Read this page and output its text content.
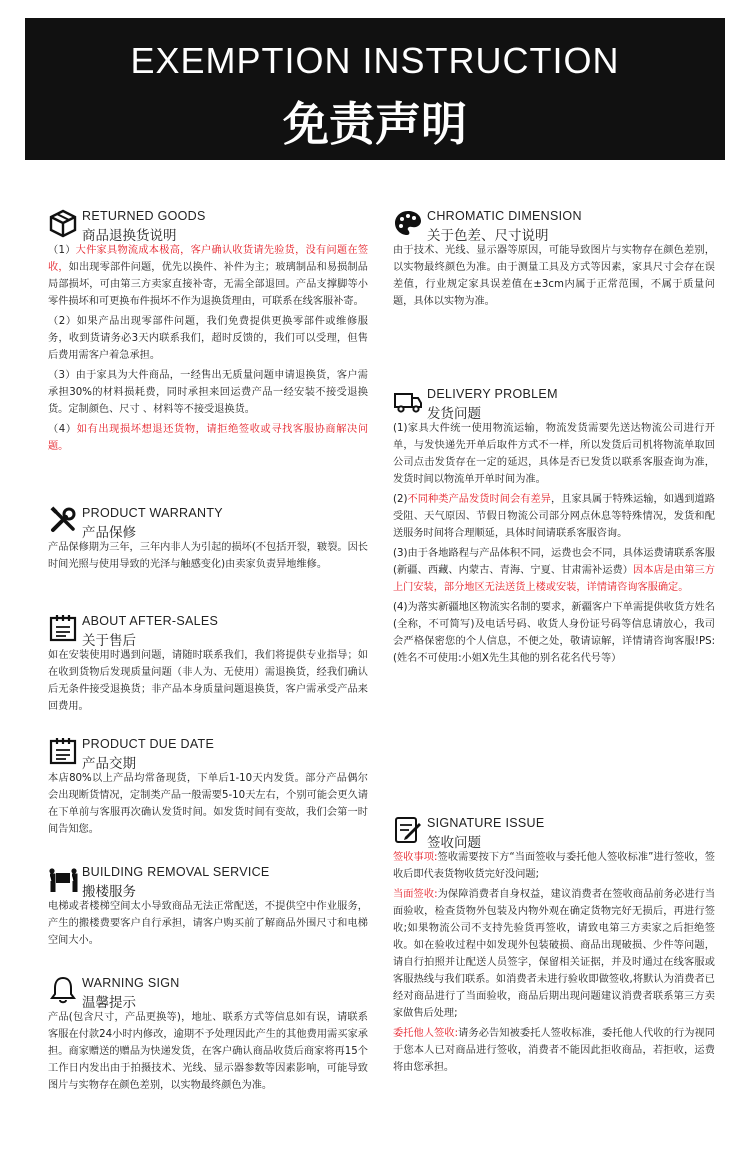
EXEMPTION INSTRUCTION
免责声明
RETURNED GOODS
商品退换货说明

（1）大件家具物流成本极高，客户确认收货请先验货，没有问题在签收，如出现零部件问题，优先以换件、补件为主；玻璃制品和易损制品局部损坏，可由第三方卖家直接补寄，无需全部退回。产品支撑脚等小零件损坏和可更换布件损坏不作为退换货理由，可联系在线客服补寄。

（2）如果产品出现零部件问题，我们免费提供更换零部件或维修服务，收到货请务必3天内联系我们，超时反馈的，我们可以受理，但售后费用需客户着急承担。

（3）由于家具为大件商品，一经售出无质量问题申请退换货，客户需承担30%的材料损耗费，同时承担来回运费产品一经安装不接受退换货。定制颜色、尺寸 、材料等不接受退换货。

（4）如有出现损坏想退还货物，请拒绝签收或寻找客服协商解决问题。

PRODUCT WARRANTY
产品保修

产品保修期为三年，三年内非人为引起的损坏(不包括开裂，皲裂。因长时间光照与使用导致的光泽与触感变化)由卖家负责异地维修。

ABOUT AFTER-SALES
关于售后

如在安装使用时遇到问题，请随时联系我们，我们将提供专业指导；如在收到货物后发现质量问题（非人为、无使用）需退换货，经我们确认后无条件接受退换货；非产品本身质量问题退换货，客户需承受产品来回费用。

PRODUCT DUE DATE
产品交期

本店80%以上产品均常备现货，下单后1-10天内发货。部分产品偶尔会出现断货情况，定制类产品一般需要5-10天左右，个别可能会更久请在下单前与客服再次确认发货时间。如发货时间有变故，我们会第一时间告知您。

BUILDING REMOVAL SERVICE
搬楼服务

电梯或者楼梯空间太小导致商品无法正常配送，不提供空中作业服务，产生的搬楼费要客户自行承担，请客户购买前了解商品外围尺寸和电梯空间大小。

WARNING SIGN
温馨提示

产品(包含尺寸，产品更换等)，地址、联系方式等信息如有误，请联系客服在付款24小时内修改，逾期不予处理因此产生的其他费用需买家承担。商家赠送的赠品为快递发货，在客户确认商品收货后商家将再15个工作日内发出由于拍摄技术、光线、显示器参数等因素影响，可能导致图片与实物存在颜色差别，以实物最终颜色为准。

CHROMATIC DIMENSION
关于色差、尺寸说明

由于技术、光线、显示器等原因，可能导致图片与实物存在颜色差别，以实物最终颜色为准。由于测量工具及方式等因素，家具尺寸会存在误差值，行业规定家具误差值在±3cm内属于正常范围，不属于质量问题，具体以实物为准。

DELIVERY PROBLEM
发货问题

(1)家具大件统一使用物流运输，物流发货需要先送达物流公司进行开单，与发快递先开单后取件方式不一样，所以发货后司机将物流单取回公司点击发货存在一定的延迟，具体是否已发货以联系客服查询为准，发货时间以物流单开单时间为准。

(2)不同种类产品发货时间会有差异，且家具属于特殊运输，如遇到道路受阻、天气原因、节假日物流公司部分网点休息等特殊情况，发货和配送服务时间将合理顺延，具体时间请联系客服咨询。

(3)由于各地路程与产品体积不同，运费也会不同，具体运费请联系客服(新疆、西藏、内蒙古、青海、宁夏、甘肃需补运费）因本店是由第三方上门安装，部分地区无法送货上楼或安装，详情请咨询客服确定。

(4)为落实新疆地区物流实名制的要求，新疆客户下单需提供收货方姓名(全称，不可简写)及电话号码、收货人身份证号码等信息请放心，我司会严格保密您的个人信息，不便之处，敬请谅解，详情请咨询客服!PS:(姓名不可使用:小姐X先生其他的别名花名代号等）

SIGNATURE ISSUE
签收问题

签收事项:签收需要按下方“当面签收与委托他人签收标准”进行签收，签收后即代表货物收货完好没问题;

当面签收:为保障消费者自身权益，建议消费者在签收商品前务必进行当面验收，检查货物外包装及内物外观在确定货物完好无损后，再进行签收;如果物流公司不支持先验货再签收，请致电第三方卖家之后拒绝签收。如在验收过程中如发现外包装破损、商品出现破损、少件等问题，请自行拍照并让配送人员签字，保留相关证据，并及时通过在线客服或客服热线与我们联系。如消费者未进行验收即做签收,将默认为消费者已经对商品进行了当面验收，商品后期出现问题建议消费者联系第三方卖家做售后处理;

委托他人签收:请务必告知被委托人签收标准，委托他人代收的行为视同于您本人已对商品进行签收，消费者不能因此拒收商品，若拒收，运费将由您承担。
